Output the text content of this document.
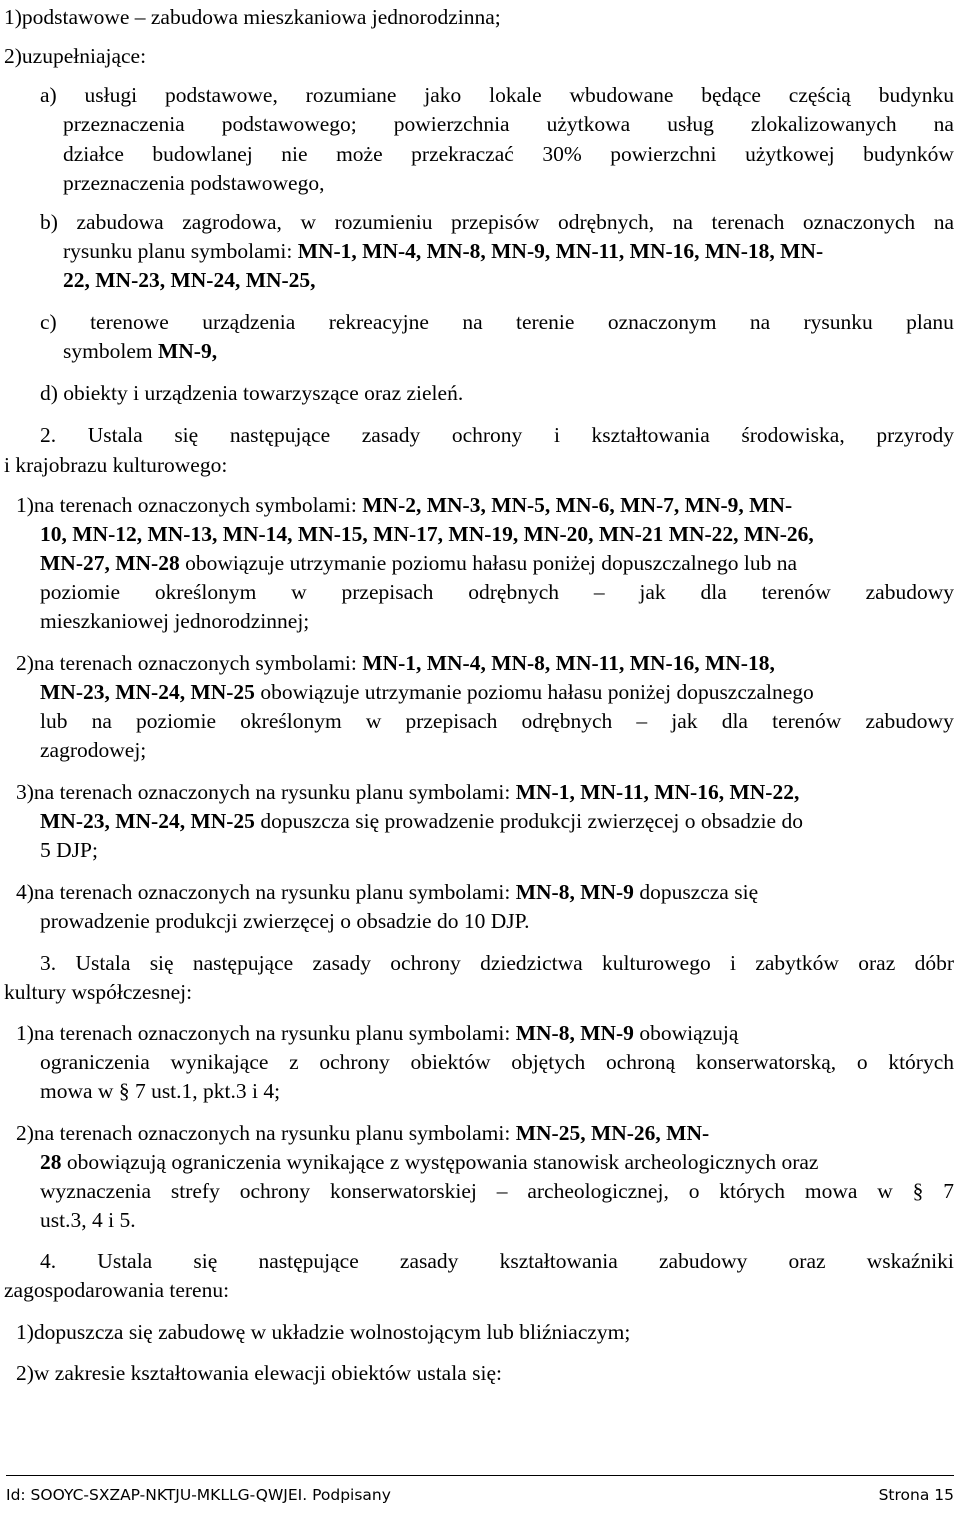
1)podstawowe – zabudowa mieszkaniowa jednorodzinna;
2)uzupełniające:
a) usługi podstawowe, rozumiane jako lokale wbudowane będące częścią budynku
przeznaczenia podstawowego; powierzchnia użytkowa usług zlokalizowanych na
działce budowlanej nie może przekraczać 30% powierzchni użytkowej budynków
przeznaczenia podstawowego,
b) zabudowa zagrodowa, w rozumieniu przepisów odrębnych, na terenach oznaczonych na
rysunku planu symbolami: MN-1, MN-4, MN-8, MN-9, MN-11, MN-16, MN-18, MN-
22, MN-23, MN-24, MN-25,
c) terenowe urządzenia rekreacyjne na terenie oznaczonym na rysunku planu
symbolem MN-9,
d) obiekty i urządzenia towarzyszące oraz zieleń.
2. Ustala się następujące zasady ochrony i kształtowania środowiska, przyrody
i krajobrazu kulturowego:
1)na terenach oznaczonych symbolami: MN-2, MN-3, MN-5, MN-6, MN-7, MN-9, MN-
10, MN-12, MN-13, MN-14, MN-15, MN-17, MN-19, MN-20, MN-21 MN-22, MN-26,
MN-27, MN-28 obowiązuje utrzymanie poziomu hałasu poniżej dopuszczalnego lub na
poziomie określonym w przepisach odrębnych – jak dla terenów zabudowy
mieszkaniowej jednorodzinnej;
2)na terenach oznaczonych symbolami: MN-1, MN-4, MN-8, MN-11, MN-16, MN-18,
MN-23, MN-24, MN-25 obowiązuje utrzymanie poziomu hałasu poniżej dopuszczalnego
lub na poziomie określonym w przepisach odrębnych – jak dla terenów zabudowy
zagrodowej;
3)na terenach oznaczonych na rysunku planu symbolami: MN-1, MN-11, MN-16, MN-22,
MN-23, MN-24, MN-25 dopuszcza się prowadzenie produkcji zwierzęcej o obsadzie do
5 DJP;
4)na terenach oznaczonych na rysunku planu symbolami: MN-8, MN-9 dopuszcza się
prowadzenie produkcji zwierzęcej o obsadzie do 10 DJP.
3. Ustala się następujące zasady ochrony dziedzictwa kulturowego i zabytków oraz dóbr
kultury współczesnej:
1)na terenach oznaczonych na rysunku planu symbolami: MN-8, MN-9 obowiązują
ograniczenia wynikające z ochrony obiektów objętych ochroną konserwatorską, o których
mowa w § 7 ust.1, pkt.3 i 4;
2)na terenach oznaczonych na rysunku planu symbolami: MN-25, MN-26, MN-
28 obowiązują ograniczenia wynikające z występowania stanowisk archeologicznych oraz
wyznaczenia strefy ochrony konserwatorskiej – archeologicznej, o których mowa w § 7
ust.3, 4 i 5.
4. Ustala się następujące zasady kształtowania zabudowy oraz wskaźniki
zagospodarowania terenu:
1)dopuszcza się zabudowę w układzie wolnostojącym lub bliźniaczym;
2)w zakresie kształtowania elewacji obiektów ustala się:
Id: SOOYC-SXZAP-NKTJU-MKLLG-QWJEI. Podpisany	Strona 15
